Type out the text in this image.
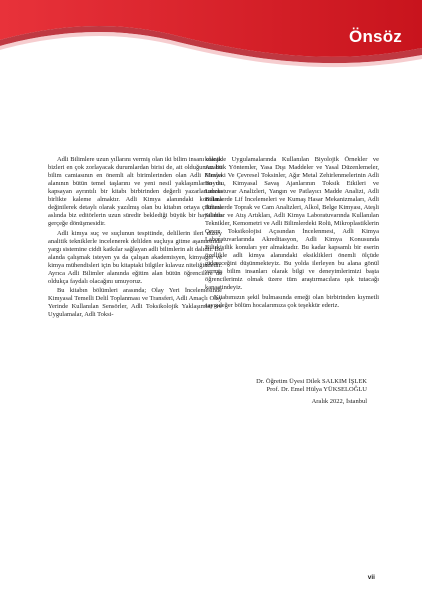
Önsöz

Adli Bilimlere uzun yıllarını vermiş olan iki bilim insanı olarak bizleri en çok zorlayacak durumlardan birisi de, ait olduğumuz bu bilim camiasının en önemli alt birimlerinden olan Adli Kimya alanının bütün temel taşlarını ve yeni nesil yaklaşımlarını da kapsayan ayrıntılı bir kitabı birbirinden değerli yazarlarımızla birlikte kaleme almaktır. Adli Kimya alanındaki konulara değinilerek detaylı olarak yazılmış olan bu kitabın ortaya çıkması aslında biz editörlerin uzun süredir beklediği büyük bir hayalinin gerçeğe dönüşmesidir.

Adli kimya suç ve suçlunun tespitinde, delillerin ileri düzey analitik tekniklerle incelenerek delilden suçluya gitme aşamasında yargı sistemine ciddi katkılar sağlayan adli bilimlerin alt dalıdır. Bu alanda çalışmak isteyen ya da çalışan akademisyen, kimyager ve kimya mühendisleri için bu kitaptaki bilgiler kılavuz niteliğindedir. Ayrıca Adli Bilimler alanında eğitim alan bütün öğrencilere de oldukça faydalı olacağını umuyoruz.

Bu kitabın bölümleri arasında; Olay Yeri İncelemesinde Kimyasal Temelli Delil Toplanması ve Transferi, Adli Amaçlı Olay Yerinde Kullanılan Sensörler, Adli Toksikolojik Yaklaşımlar ve Uygulamalar, Adli Toksi-

kolojide Uygulamalarında Kullanılan Biyolojik Örnekler ve Analitik Yöntemler, Yasa Dışı Maddeler ve Yasal Düzenlemeler, Mesleki Ve Çevresel Toksinler, Ağır Metal Zehirlenmelerinin Adli Boyutu, Kimyasal Savaş Ajanlarının Toksik Etkileri ve Laboratuvar Analizleri, Yangın ve Patlayıcı Madde Analizi, Adli Bilimlerde Lif İncelemeleri ve Kumaş Hasar Mekanizmaları, Adli Bilimlerde Toprak ve Cam Analizleri, Alkol, Belge Kimyası, Ateşli Silahlar ve Atış Artıkları, Adli Kimya Laboratuvarında Kullanılan Teknikler, Kemometri ve Adli Bilimlerdeki Rolü, Mikroplastiklerin Çevre Toksikolojisi Açısından İncelenmesi, Adli Kimya Laboratuvarlarında Akreditasyon, Adli Kimya Konusunda Bilirkişilik konuları yer almaktadır. Bu kadar kapsamlı bir eserin özellikle adli kimya alanındaki eksiklikleri önemli ölçüde gidereceğini düşünmekteyiz. Bu yolda ilerleyen bu alana gönül vermiş bilim insanları olarak bilgi ve deneyimlerimizi başta öğrencilerimiz olmak üzere tüm araştırmacılara ışık tutacağı kanaatindeyiz.

Kitabımızın şekil bulmasında emeği olan birbirinden kıymetli saygıdeğer bölüm hocalarımıza çok teşekkür ederiz.

Dr. Öğretim Üyesi Dilek SALKIM İŞLEK
Prof. Dr. Emel Hülya YÜKSELOĞLU
Aralık 2022, İstanbul
vii
